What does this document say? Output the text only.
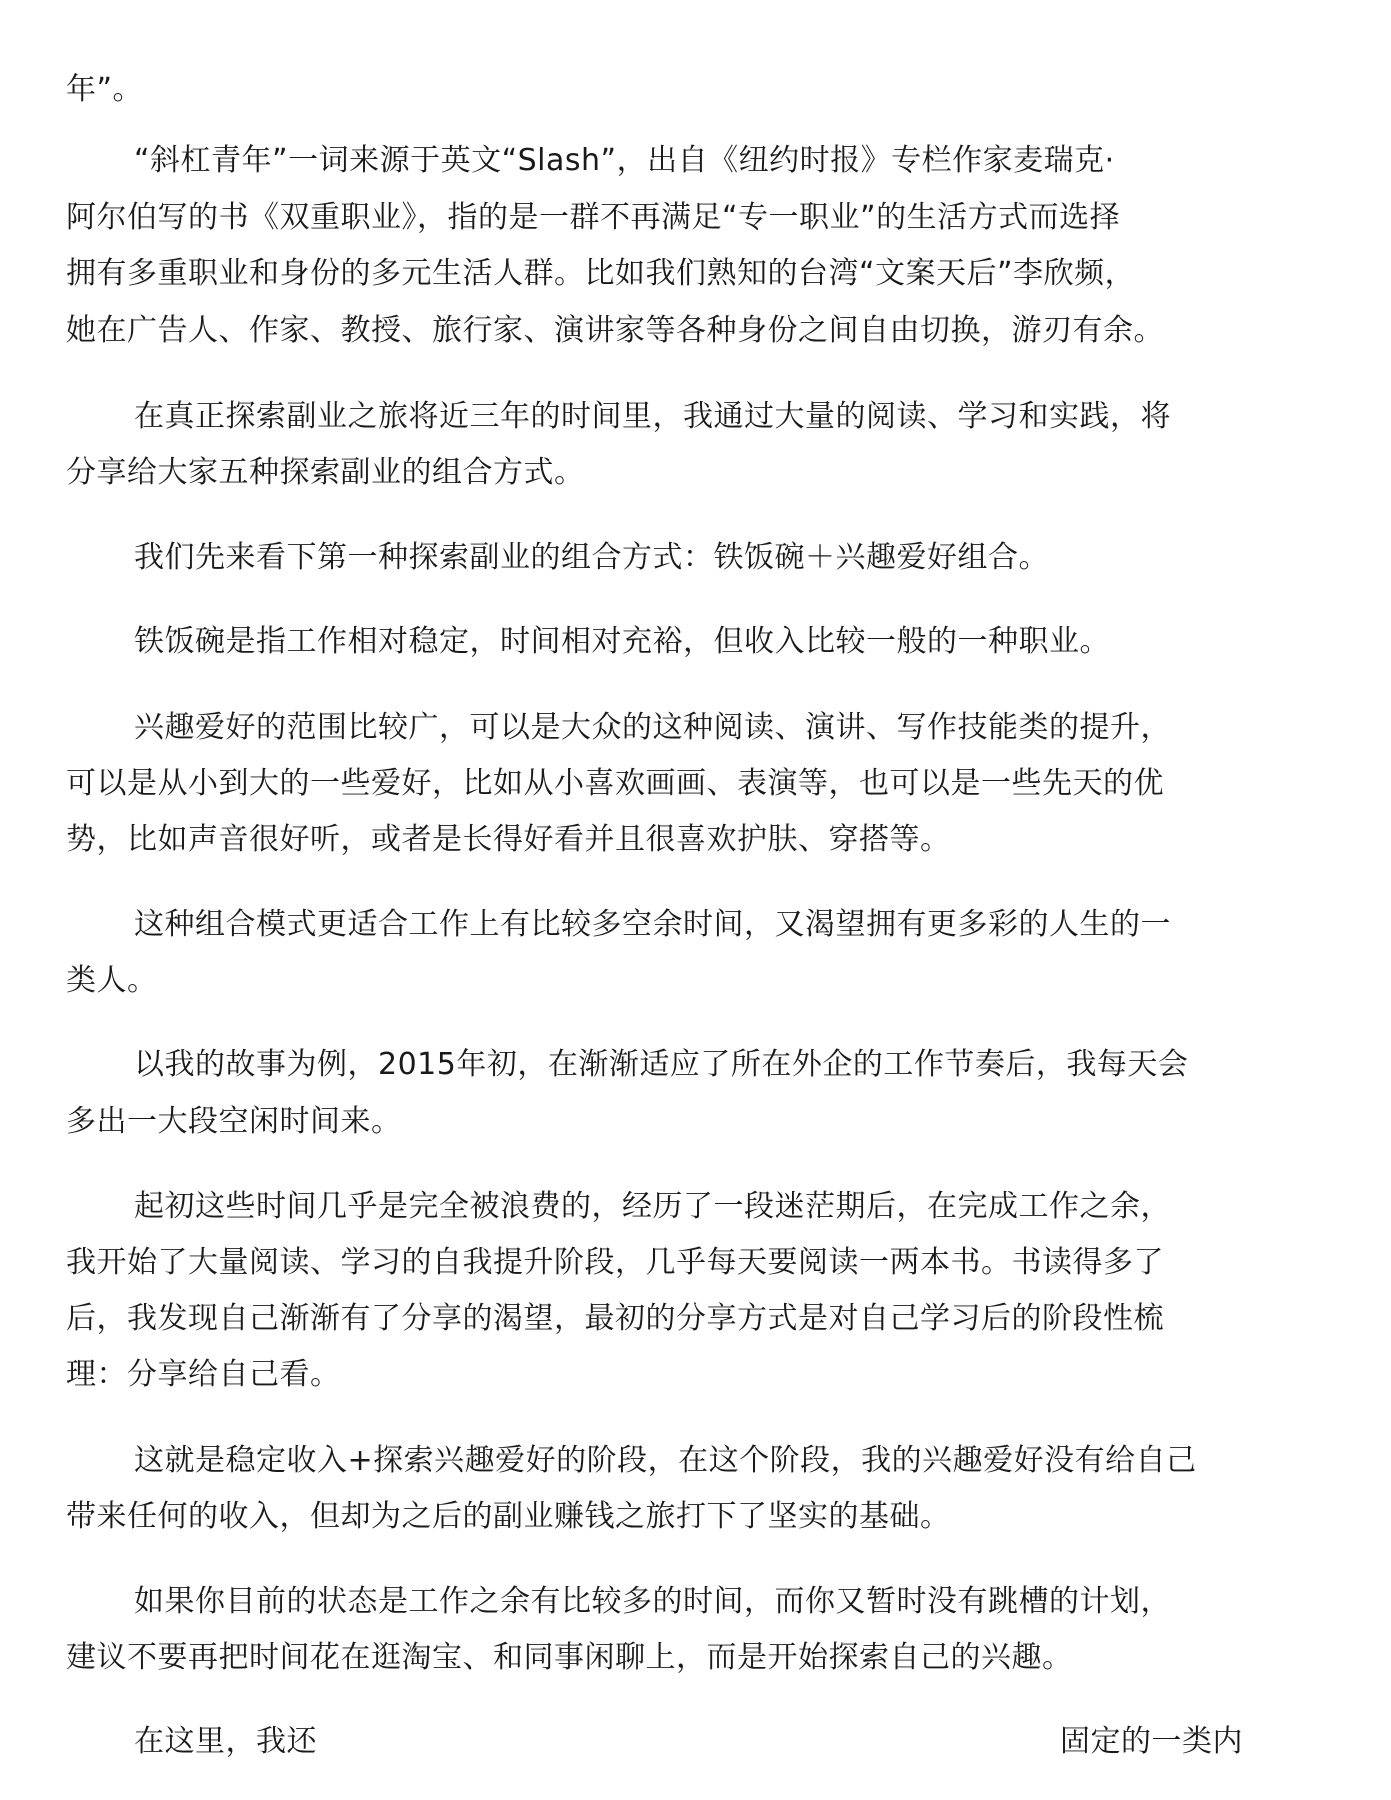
年”。
“斜杠青年”一词来源于英文“Slash”，出自《纽约时报》专栏作家麦瑞克·
阿尔伯写的书《双重职业》，指的是一群不再满足“专一职业”的生活方式而选择
拥有多重职业和身份的多元生活人群。比如我们熟知的台湾“文案天后”李欣频，
她在广告人、作家、教授、旅行家、演讲家等各种身份之间自由切换，游刃有余。
在真正探索副业之旅将近三年的时间里，我通过大量的阅读、学习和实践，将
分享给大家五种探索副业的组合方式。
我们先来看下第一种探索副业的组合方式：铁饭碗＋兴趣爱好组合。
铁饭碗是指工作相对稳定，时间相对充裕，但收入比较一般的一种职业。
兴趣爱好的范围比较广，可以是大众的这种阅读、演讲、写作技能类的提升，
可以是从小到大的一些爱好，比如从小喜欢画画、表演等，也可以是一些先天的优
势，比如声音很好听，或者是长得好看并且很喜欢护肤、穿搭等。
这种组合模式更适合工作上有比较多空余时间，又渴望拥有更多彩的人生的一
类人。
以我的故事为例，2015年初，在渐渐适应了所在外企的工作节奏后，我每天会
多出一大段空闲时间来。
起初这些时间几乎是完全被浪费的，经历了一段迷茫期后，在完成工作之余，
我开始了大量阅读、学习的自我提升阶段，几乎每天要阅读一两本书。书读得多了
后，我发现自己渐渐有了分享的渴望，最初的分享方式是对自己学习后的阶段性梳
理：分享给自己看。
这就是稳定收入+探索兴趣爱好的阶段，在这个阶段，我的兴趣爱好没有给自己
带来任何的收入，但却为之后的副业赚钱之旅打下了坚实的基础。
如果你目前的状态是工作之余有比较多的时间，而你又暂时没有跳槽的计划，
建议不要再把时间花在逛淘宝、和同事闲聊上，而是开始探索自己的兴趣。
在这里，我还	固定的一类内
